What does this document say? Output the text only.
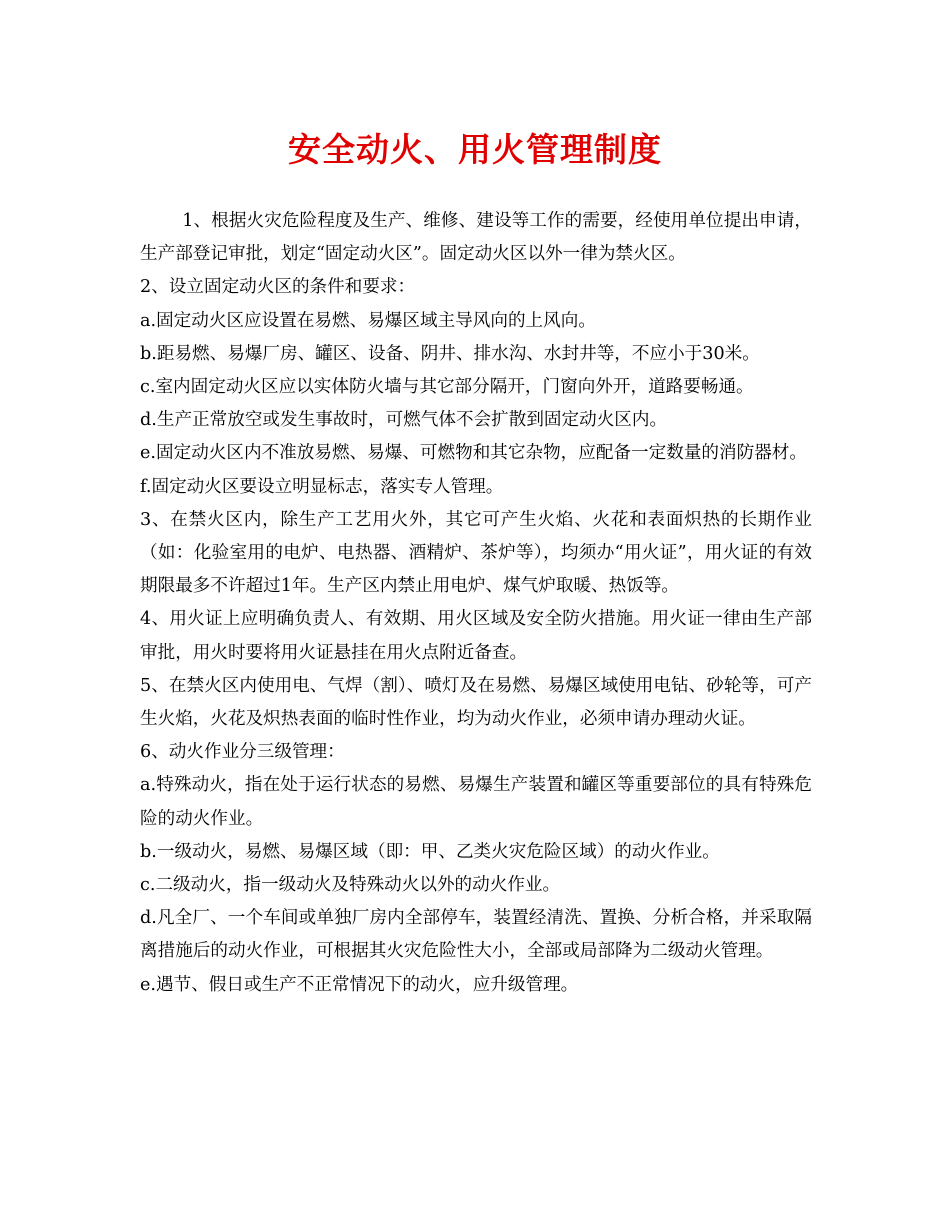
安全动火、用火管理制度

1、根据火灾危险程度及生产、维修、建设等工作的需要，经使用单位提出申请，生产部登记审批，划定“固定动火区”。固定动火区以外一律为禁火区。

2、设立固定动火区的条件和要求：

a.固定动火区应设置在易燃、易爆区域主导风向的上风向。

b.距易燃、易爆厂房、罐区、设备、阴井、排水沟、水封井等，不应小于30米。

c.室内固定动火区应以实体防火墙与其它部分隔开，门窗向外开，道路要畅通。

d.生产正常放空或发生事故时，可燃气体不会扩散到固定动火区内。

e.固定动火区内不准放易燃、易爆、可燃物和其它杂物，应配备一定数量的消防器材。

f.固定动火区要设立明显标志，落实专人管理。

3、在禁火区内，除生产工艺用火外，其它可产生火焰、火花和表面炽热的长期作业（如：化验室用的电炉、电热器、酒精炉、茶炉等），均须办“用火证”，用火证的有效期限最多不许超过1年。生产区内禁止用电炉、煤气炉取暖、热饭等。

4、用火证上应明确负责人、有效期、用火区域及安全防火措施。用火证一律由生产部审批，用火时要将用火证悬挂在用火点附近备查。

5、在禁火区内使用电、气焊（割）、喷灯及在易燃、易爆区域使用电钻、砂轮等，可产生火焰，火花及炽热表面的临时性作业，均为动火作业，必须申请办理动火证。

6、动火作业分三级管理：

a.特殊动火，指在处于运行状态的易燃、易爆生产装置和罐区等重要部位的具有特殊危险的动火作业。

b.一级动火，易燃、易爆区域（即：甲、乙类火灾危险区域）的动火作业。

c.二级动火，指一级动火及特殊动火以外的动火作业。

d.凡全厂、一个车间或单独厂房内全部停车，装置经清洗、置换、分析合格，并采取隔离措施后的动火作业，可根据其火灾危险性大小，全部或局部降为二级动火管理。

e.遇节、假日或生产不正常情况下的动火，应升级管理。
